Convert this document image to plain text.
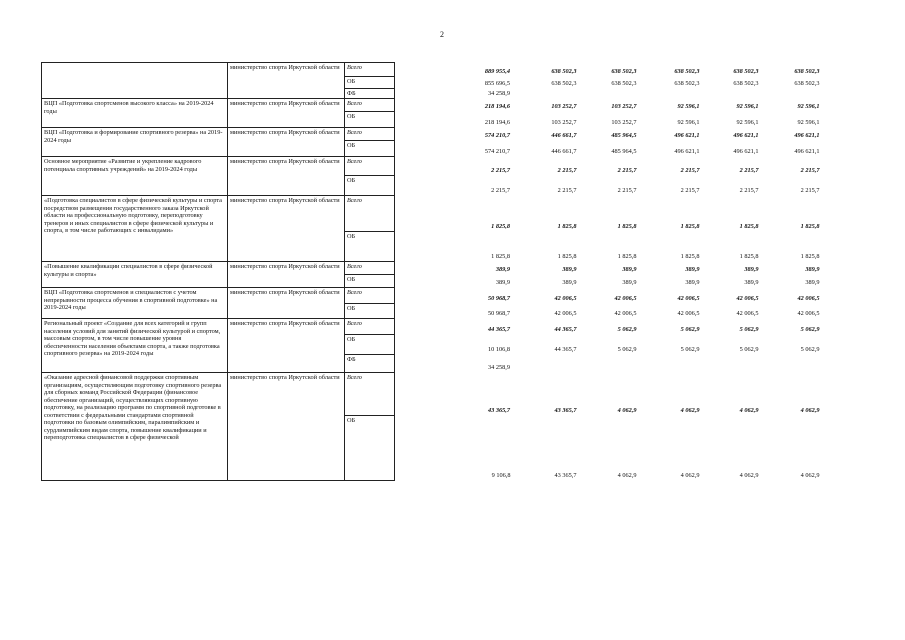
2
	министерство спорта Иркутской области	Всего	889 955,4	638 502,3	638 502,3	638 502,3	638 502,3	638 502,3
		ОБ	855 696,5	638 502,3	638 502,3	638 502,3	638 502,3	638 502,3
		ФБ	34 258,9					
ВЦП «Подготовка спортсменов высокого класса» на 2019-2024 годы	министерство спорта Иркутской области	Всего	218 194,6	103 252,7	103 252,7	92 596,1	92 596,1	92 596,1
		ОБ	218 194,6	103 252,7	103 252,7	92 596,1	92 596,1	92 596,1
ВЦП «Подготовка и формирование спортивного резерва» на 2019-2024 годы	министерство спорта Иркутской области	Всего	574 210,7	446 661,7	485 964,5	496 621,1	496 621,1	496 621,1
		ОБ	574 210,7	446 661,7	485 964,5	496 621,1	496 621,1	496 621,1
Основное мероприятие «Развитие и укрепление кадрового потенциала спортивных учреждений» на 2019-2024 годы	министерство спорта Иркутской области	Всего	2 215,7	2 215,7	2 215,7	2 215,7	2 215,7	2 215,7
		ОБ	2 215,7	2 215,7	2 215,7	2 215,7	2 215,7	2 215,7
«Подготовка специалистов в сфере физической культуры и спорта посредством размещения государственного заказа Иркутской области на профессиональную подготовку, переподготовку тренеров и иных специалистов в сфере физической культуры и спорта, в том числе работающих с инвалидами»	министерство спорта Иркутской области	Всего	1 825,8	1 825,8	1 825,8	1 825,8	1 825,8	1 825,8
		ОБ	1 825,8	1 825,8	1 825,8	1 825,8	1 825,8	1 825,8
«Повышение квалификации специалистов в сфере физической культуры и спорта»	министерство спорта Иркутской области	Всего	389,9	389,9	389,9	389,9	389,9	389,9
		ОБ	389,9	389,9	389,9	389,9	389,9	389,9
ВЦП «Подготовка спортсменов и специалистов с учетом непрерывности процесса обучения в спортивной подготовке» на 2019-2024 годы	министерство спорта Иркутской области	Всего	50 968,7	42 006,5	42 006,5	42 006,5	42 006,5	42 006,5
		ОБ	50 968,7	42 006,5	42 006,5	42 006,5	42 006,5	42 006,5
Региональный проект «Создание для всех категорий и групп населения условий для занятий физической культурой и спортом, массовым спортом, в том числе повышение уровня обеспеченности населения объектами спорта, а также подготовка спортивного резерва» на 2019-2024 годы	министерство спорта Иркутской области	Всего	44 365,7	44 365,7	5 062,9	5 062,9	5 062,9	5 062,9
		ОБ	10 106,8	44 365,7	5 062,9	5 062,9	5 062,9	5 062,9
		ФБ	34 258,9					
«Оказание адресной финансовой поддержки спортивным организациям, осуществляющим подготовку спортивного резерва для сборных команд Российской Федерации (финансовое обеспечение организаций, осуществляющих спортивную подготовку, на реализацию программ по спортивной подготовке в соответствии с федеральными стандартами спортивной подготовки по базовым олимпийским, паралимпийским и сурдлимпийским видам спорта, повышение квалификации и переподготовка специалистов в сфере физической	министерство спорта Иркутской области	Всего	43 365,7	43 365,7	4 062,9	4 062,9	4 062,9	4 062,9
		ОБ	9 106,8	43 365,7	4 062,9	4 062,9	4 062,9	4 062,9
